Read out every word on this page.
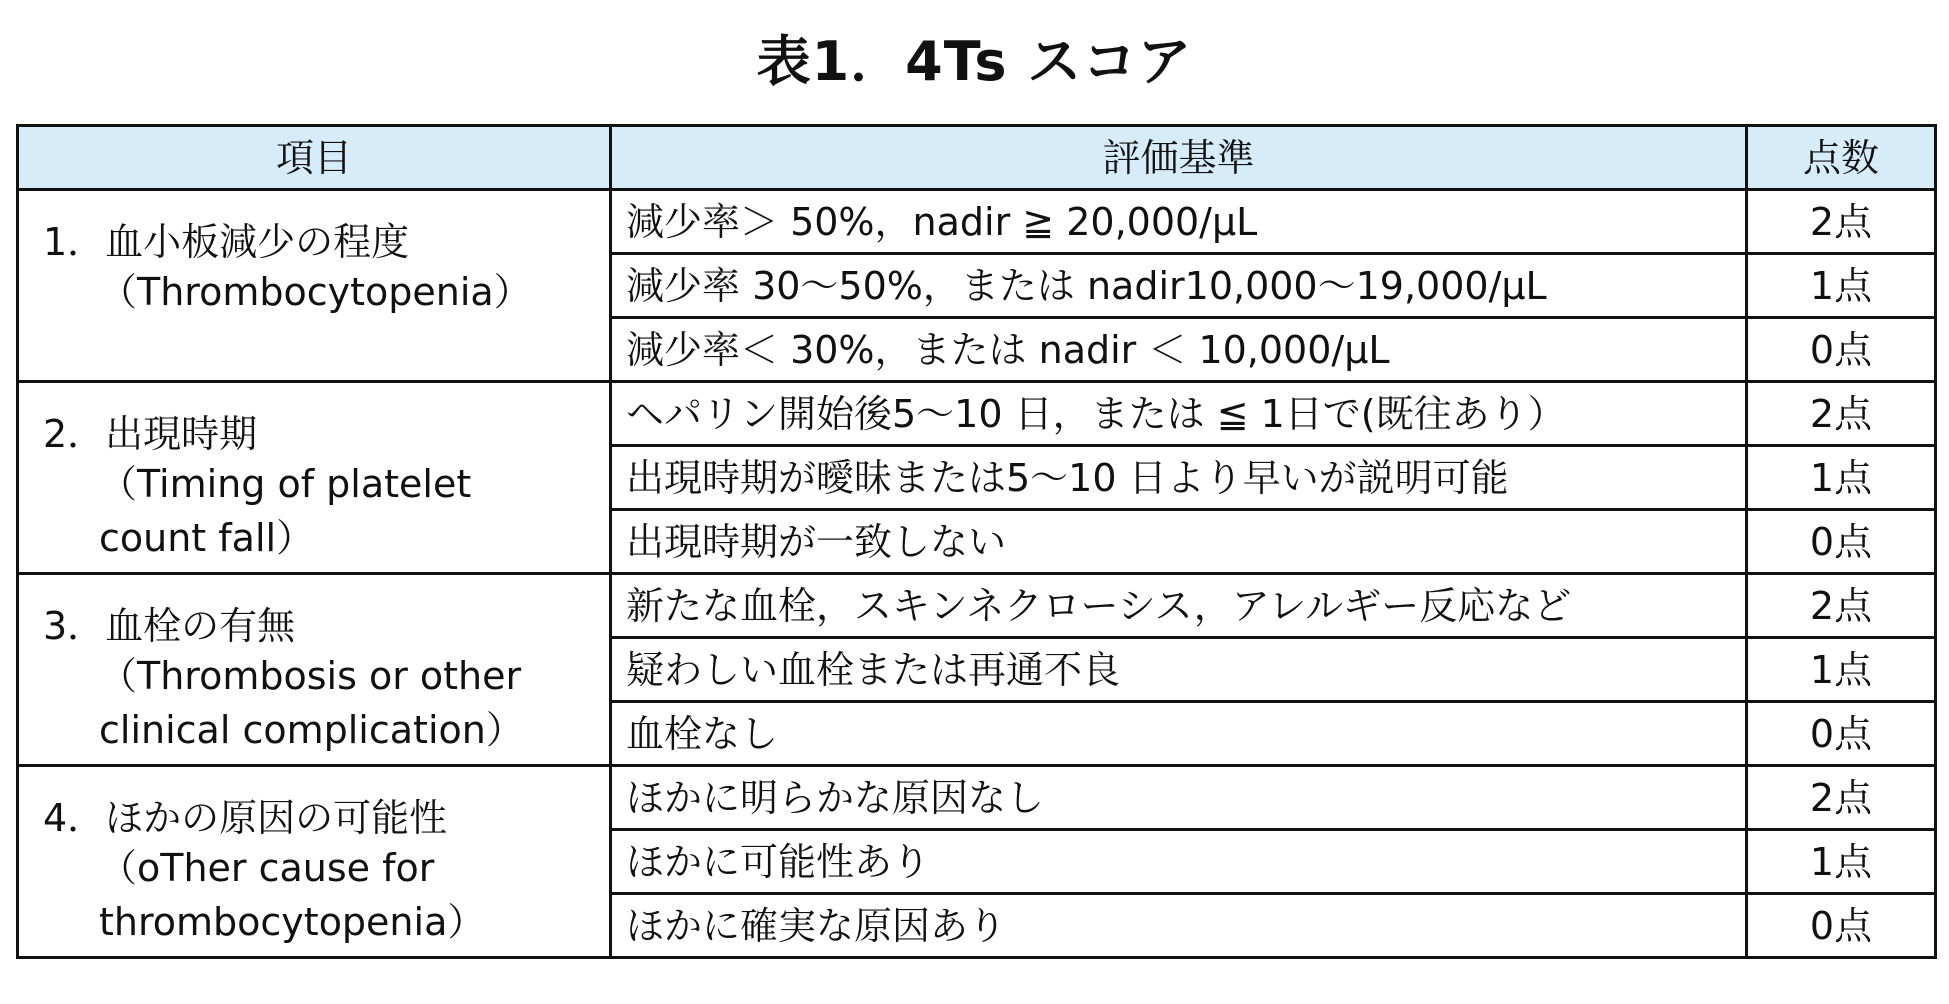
表1．4Ts スコア
項目	評価基準	点数

1．血小板減少の程度
（Thrombocytopenia）	減少率＞ 50%，nadir ≧ 20,000/μL	2点
	減少率 30〜50%，または nadir10,000〜19,000/μL	1点
	減少率＜ 30%，または nadir ＜ 10,000/μL	0点

2．出現時期
（Timing of platelet
count fall）	ヘパリン開始後5〜10 日，または ≦ 1日で(既往あり）	2点
	出現時期が曖昧または5〜10 日より早いが説明可能	1点
	出現時期が一致しない	0点

3．血栓の有無
（Thrombosis or other
clinical complication）	新たな血栓，スキンネクローシス，アレルギー反応など	2点
	疑わしい血栓または再通不良	1点
	血栓なし	0点

4．ほかの原因の可能性
（oTher cause for
thrombocytopenia）	ほかに明らかな原因なし	2点
	ほかに可能性あり	1点
	ほかに確実な原因あり	0点
